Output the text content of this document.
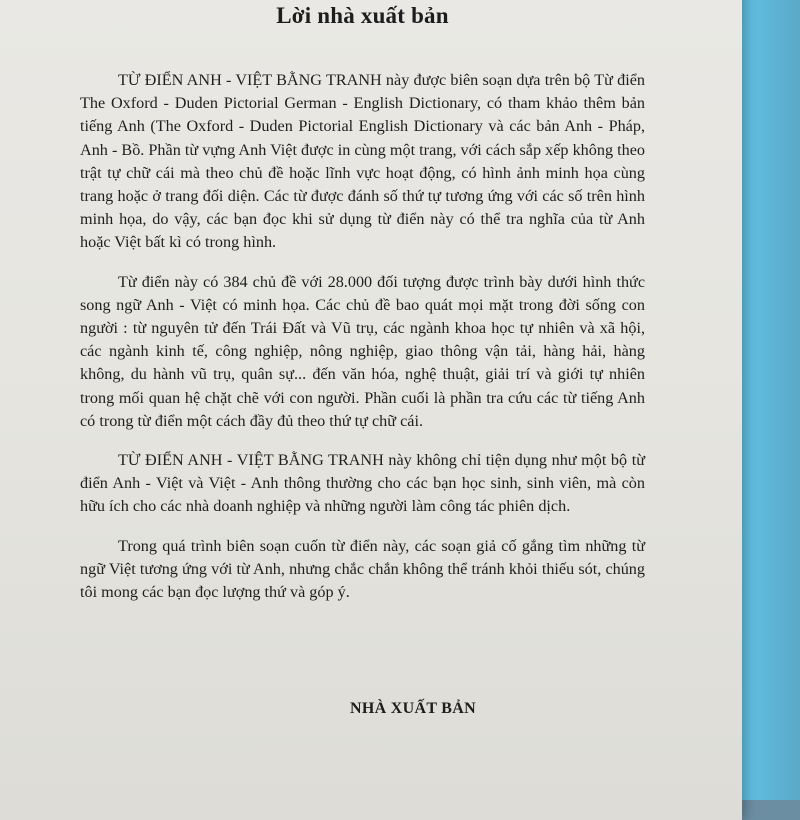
Lời nhà xuất bản

TỪ ĐIỂN ANH - VIỆT BẰNG TRANH này được biên soạn dựa trên bộ Từ điển The Oxford - Duden Pictorial German - English Dictionary, có tham khảo thêm bản tiếng Anh (The Oxford - Duden Pictorial English Dictionary và các bản Anh - Pháp, Anh - Bồ. Phần từ vựng Anh Việt được in cùng một trang, với cách sắp xếp không theo trật tự chữ cái mà theo chủ đề hoặc lĩnh vực hoạt động, có hình ảnh minh họa cùng trang hoặc ở trang đối diện. Các từ được đánh số thứ tự tương ứng với các số trên hình minh họa, do vậy, các bạn đọc khi sử dụng từ điển này có thể tra nghĩa của từ Anh hoặc Việt bất kì có trong hình.

Từ điển này có 384 chủ đề với 28.000 đối tượng được trình bày dưới hình thức song ngữ Anh - Việt có minh họa. Các chủ đề bao quát mọi mặt trong đời sống con người : từ nguyên tử đến Trái Đất và Vũ trụ, các ngành khoa học tự nhiên và xã hội, các ngành kinh tế, công nghiệp, nông nghiệp, giao thông vận tải, hàng hải, hàng không, du hành vũ trụ, quân sự... đến văn hóa, nghệ thuật, giải trí và giới tự nhiên trong mối quan hệ chặt chẽ với con người. Phần cuối là phần tra cứu các từ tiếng Anh có trong từ điển một cách đầy đủ theo thứ tự chữ cái.

TỪ ĐIỂN ANH - VIỆT BẰNG TRANH này không chỉ tiện dụng như một bộ từ điển Anh - Việt và Việt - Anh thông thường cho các bạn học sinh, sinh viên, mà còn hữu ích cho các nhà doanh nghiệp và những người làm công tác phiên dịch.

Trong quá trình biên soạn cuốn từ điển này, các soạn giả cố gắng tìm những từ ngữ Việt tương ứng với từ Anh, nhưng chắc chắn không thể tránh khỏi thiếu sót, chúng tôi mong các bạn đọc lượng thứ và góp ý.

NHÀ XUẤT BẢN
